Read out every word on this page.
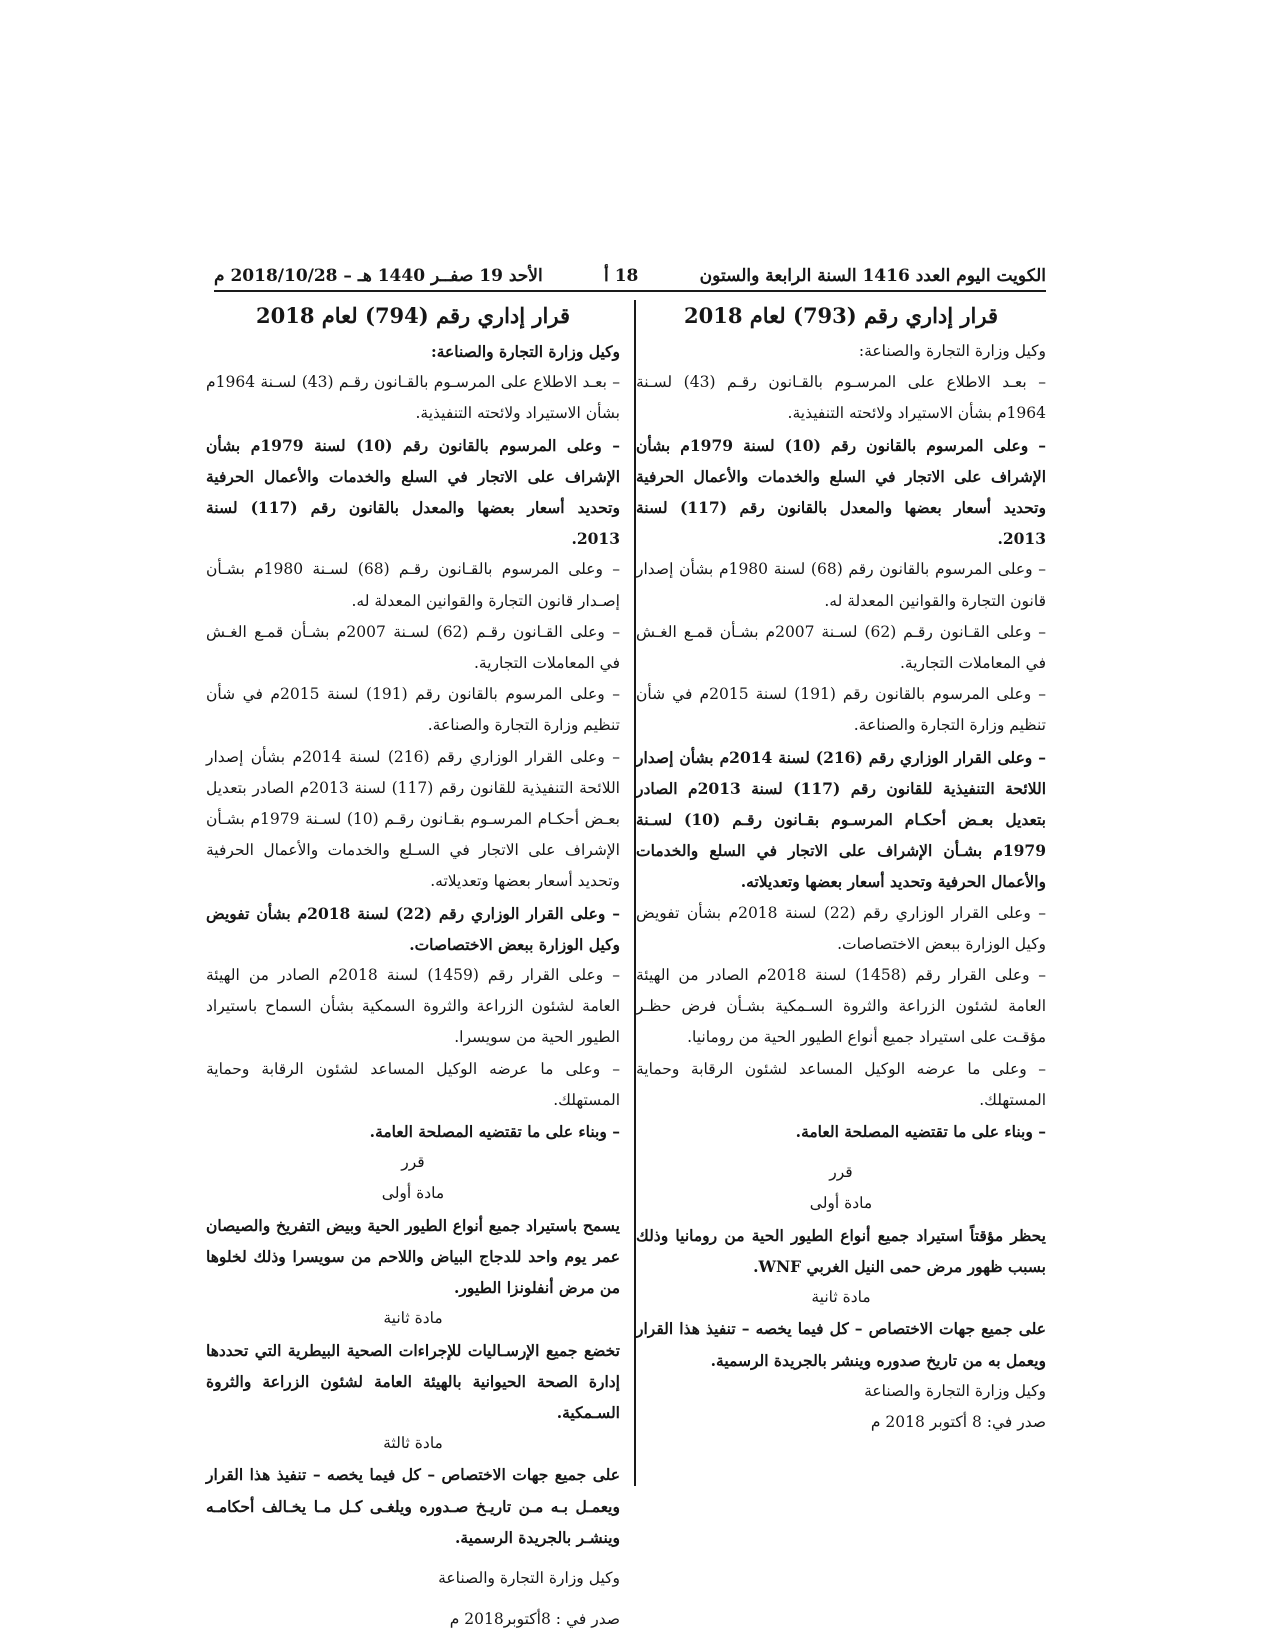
الكويت اليوم العدد 1416 السنة الرابعة والستون
18 أ
الأحد 19 صفــر 1440 هـ – 2018/10/28 م
قرار إداري رقم (793) لعام 2018

وكيل وزارة التجارة والصناعة:

– بعـد الاطلاع على المرسـوم بالقـانون رقـم (43) لسـنة 1964م بشأن الاستيراد ولائحته التنفيذية.

– وعلى المرسوم بالقانون رقم (10) لسنة 1979م بشأن الإشراف على الاتجار في السلع والخدمات والأعمال الحرفية وتحديد أسعار بعضها والمعدل بالقانون رقم (117) لسنة 2013.

– وعلى المرسوم بالقانون رقم (68) لسنة 1980م بشأن إصدار قانون التجارة والقوانين المعدلة له.

– وعلى القـانون رقـم (62) لسـنة 2007م بشـأن قمـع الغـش في المعاملات التجارية.

– وعلى المرسوم بالقانون رقم (191) لسنة 2015م في شأن تنظيم وزارة التجارة والصناعة.

– وعلى القرار الوزاري رقم (216) لسنة 2014م بشأن إصدار اللائحة التنفيذية للقانون رقم (117) لسنة 2013م الصادر بتعديل بعـض أحكـام المرسـوم بقـانون رقـم (10) لسـنة 1979م بشـأن الإشراف على الاتجار في السلع والخدمات والأعمال الحرفية وتحديد أسعار بعضها وتعديلاته.

– وعلى القرار الوزاري رقم (22) لسنة 2018م بشأن تفويض وكيل الوزارة ببعض الاختصاصات.

– وعلى القرار رقم (1458) لسنة 2018م الصادر من الهيئة العامة لشئون الزراعة والثروة السـمكية بشـأن فرض حظـر مؤقـت على استيراد جميع أنواع الطيور الحية من رومانيا.

– وعلى ما عرضه الوكيل المساعد لشئون الرقابة وحماية المستهلك.

– وبناء على ما تقتضيه المصلحة العامة.

قرر

مادة أولى

يحظر مؤقتاً استيراد جميع أنواع الطيور الحية من رومانيا وذلك بسبب ظهور مرض حمى النيل الغربي WNF.

مادة ثانية

على جميع جهات الاختصاص – كل فيما يخصه – تنفيذ هذا القرار ويعمل به من تاريخ صدوره وينشر بالجريدة الرسمية.

وكيل وزارة التجارة والصناعة

صدر في: 8 أكتوبر 2018 م

قرار إداري رقم (794) لعام 2018

وكيل وزارة التجارة والصناعة:

– بعـد الاطلاع على المرسـوم بالقـانون رقـم (43) لسـنة 1964م بشأن الاستيراد ولائحته التنفيذية.

– وعلى المرسوم بالقانون رقم (10) لسنة 1979م بشأن الإشراف على الاتجار في السلع والخدمات والأعمال الحرفية وتحديد أسعار بعضها والمعدل بالقانون رقم (117) لسنة 2013.

– وعلى المرسوم بالقـانون رقـم (68) لسـنة 1980م بشـأن إصـدار قانون التجارة والقوانين المعدلة له.

– وعلى القـانون رقـم (62) لسـنة 2007م بشـأن قمـع الغـش في المعاملات التجارية.

– وعلى المرسوم بالقانون رقم (191) لسنة 2015م في شأن تنظيم وزارة التجارة والصناعة.

– وعلى القرار الوزاري رقم (216) لسنة 2014م بشأن إصدار اللائحة التنفيذية للقانون رقم (117) لسنة 2013م الصادر بتعديل بعـض أحكـام المرسـوم بقـانون رقـم (10) لسـنة 1979م بشـأن الإشراف على الاتجار في السـلع والخدمات والأعمال الحرفية وتحديد أسعار بعضها وتعديلاته.

– وعلى القرار الوزاري رقم (22) لسنة 2018م بشأن تفويض وكيل الوزارة ببعض الاختصاصات.

– وعلى القرار رقم (1459) لسنة 2018م الصادر من الهيئة العامة لشئون الزراعة والثروة السمكية بشأن السماح باستيراد الطيور الحية من سويسرا.

– وعلى ما عرضه الوكيل المساعد لشئون الرقابة وحماية المستهلك.

– وبناء على ما تقتضيه المصلحة العامة.

قرر

مادة أولى

يسمح باستيراد جميع أنواع الطيور الحية وبيض التفريخ والصيصان عمر يوم واحد للدجاج البياض واللاحم من سويسرا وذلك لخلوها من مرض أنفلونزا الطيور.

مادة ثانية

تخضع جميع الإرسـاليات للإجراءات الصحية البيطرية التي تحددها إدارة الصحة الحيوانية بالهيئة العامة لشئون الزراعة والثروة السـمكية.

مادة ثالثة

على جميع جهات الاختصاص – كل فيما يخصه – تنفيذ هذا القرار ويعمـل بـه مـن تاريـخ صـدوره ويلغـى كـل مـا يخـالف أحكامـه وينشـر بالجريدة الرسمية.

وكيل وزارة التجارة والصناعة

صدر في : 8أكتوبر2018 م
